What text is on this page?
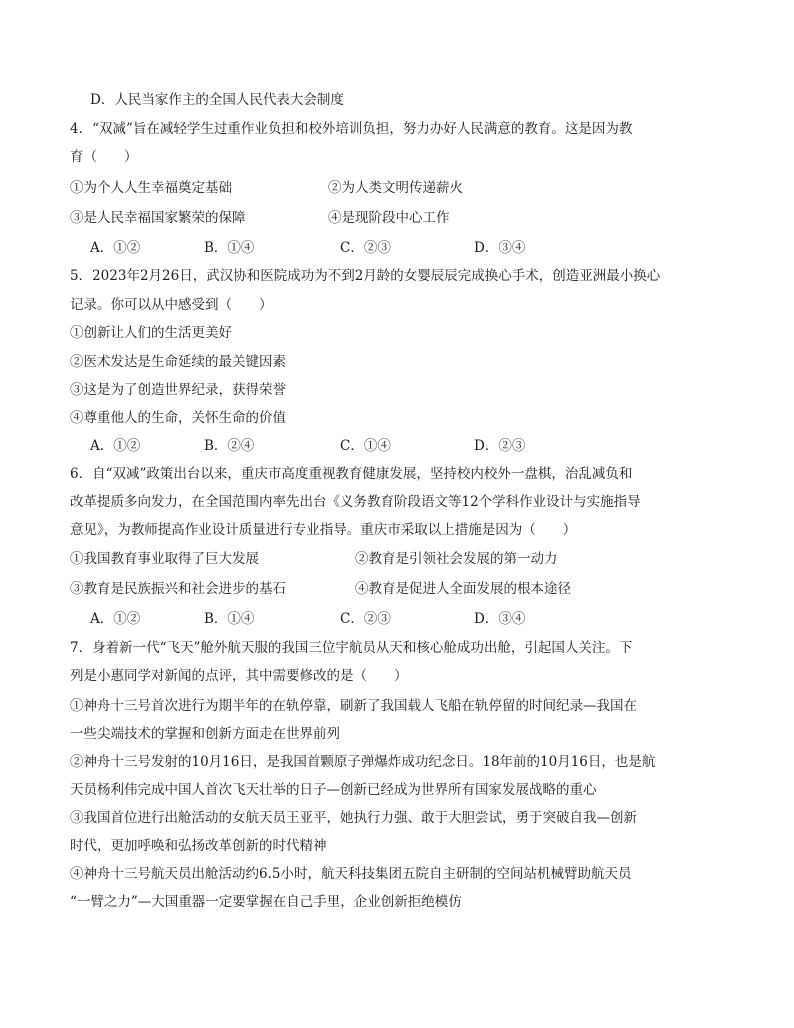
D．人民当家作主的全国人民代表大会制度
4．“双减”旨在减轻学生过重作业负担和校外培训负担，努力办好人民满意的教育。这是因为教
育（　　）
①为个人人生幸福奠定基础	②为人类文明传递薪火
③是人民幸福国家繁荣的保障	④是现阶段中心工作
A．①②	B．①④	C．②③	D．③④
5．2023年2月26日，武汉协和医院成功为不到2月龄的女婴辰辰完成换心手术，创造亚洲最小换心
记录。你可以从中感受到（　　）
①创新让人们的生活更美好
②医术发达是生命延续的最关键因素
③这是为了创造世界纪录，获得荣誉
④尊重他人的生命，关怀生命的价值
A．①②	B．②④	C．①④	D．②③
6．自“双减”政策出台以来，重庆市高度重视教育健康发展，坚持校内校外一盘棋，治乱减负和
改革提质多向发力，在全国范围内率先出台《义务教育阶段语文等12个学科作业设计与实施指导
意见》，为教师提高作业设计质量进行专业指导。重庆市采取以上措施是因为（　　）
①我国教育事业取得了巨大发展	②教育是引领社会发展的第一动力
③教育是民族振兴和社会进步的基石	④教育是促进人全面发展的根本途径
A．①②	B．①④	C．②③	D．③④
7．身着新一代“飞天”舱外航天服的我国三位宇航员从天和核心舱成功出舱，引起国人关注。下
列是小惠同学对新闻的点评，其中需要修改的是（　　）
①神舟十三号首次进行为期半年的在轨停靠，刷新了我国载人飞船在轨停留的时间纪录—我国在
一些尖端技术的掌握和创新方面走在世界前列
②神舟十三号发射的10月16日，是我国首颗原子弹爆炸成功纪念日。18年前的10月16日，也是航
天员杨利伟完成中国人首次飞天壮举的日子—创新已经成为世界所有国家发展战略的重心
③我国首位进行出舱活动的女航天员王亚平，她执行力强、敢于大胆尝试，勇于突破自我—创新
时代，更加呼唤和弘扬改革创新的时代精神
④神舟十三号航天员出舱活动约6.5小时，航天科技集团五院自主研制的空间站机械臂助航天员
“一臂之力”—大国重器一定要掌握在自己手里，企业创新拒绝模仿
